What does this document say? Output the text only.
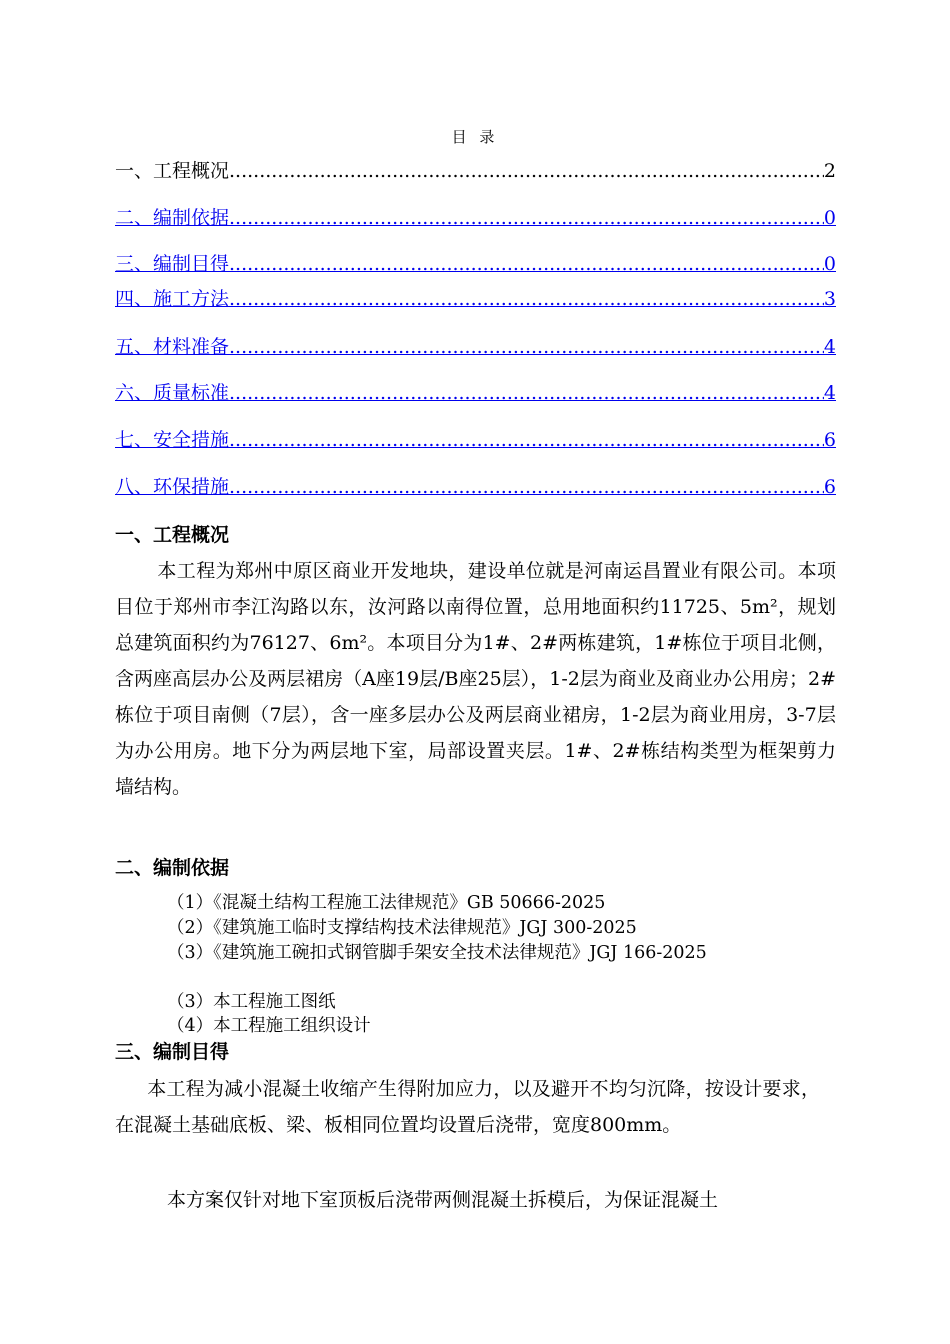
目 录
一、工程概况 .....	2
二、编制依据 .....	0
三、编制目得 .....	0
四、施工方法 .....	3
五、材料准备 .....	4
六、质量标准 .....	4
七、安全措施 .....	6
八、环保措施 .....	6
一、工程概况
本工程为郑州中原区商业开发地块，建设单位就是河南运昌置业有限公司。本项目位于郑州市李江沟路以东，汝河路以南得位置，总用地面积约11725、5m²，规划总建筑面积约为76127、6m²。本项目分为1#、2#两栋建筑，1#栋位于项目北侧，含两座高层办公及两层裙房（A座19层/B座25层），1-2层为商业及商业办公用房；2#栋位于项目南侧（7层），含一座多层办公及两层商业裙房，1-2层为商业用房，3-7层为办公用房。地下分为两层地下室，局部设置夹层。1#、2#栋结构类型为框架剪力墙结构。
二、编制依据
（1）《混凝土结构工程施工法律规范》GB 50666-2025
（2）《建筑施工临时支撑结构技术法律规范》JGJ 300-2025
（3）《建筑施工碗扣式钢管脚手架安全技术法律规范》JGJ 166-2025
（3）本工程施工图纸
（4）本工程施工组织设计
三、编制目得
本工程为减小混凝土收缩产生得附加应力，以及避开不均匀沉降，按设计要求，在混凝土基础底板、梁、板相同位置均设置后浇带，宽度800mm。
本方案仅针对地下室顶板后浇带两侧混凝土拆模后，为保证混凝土
